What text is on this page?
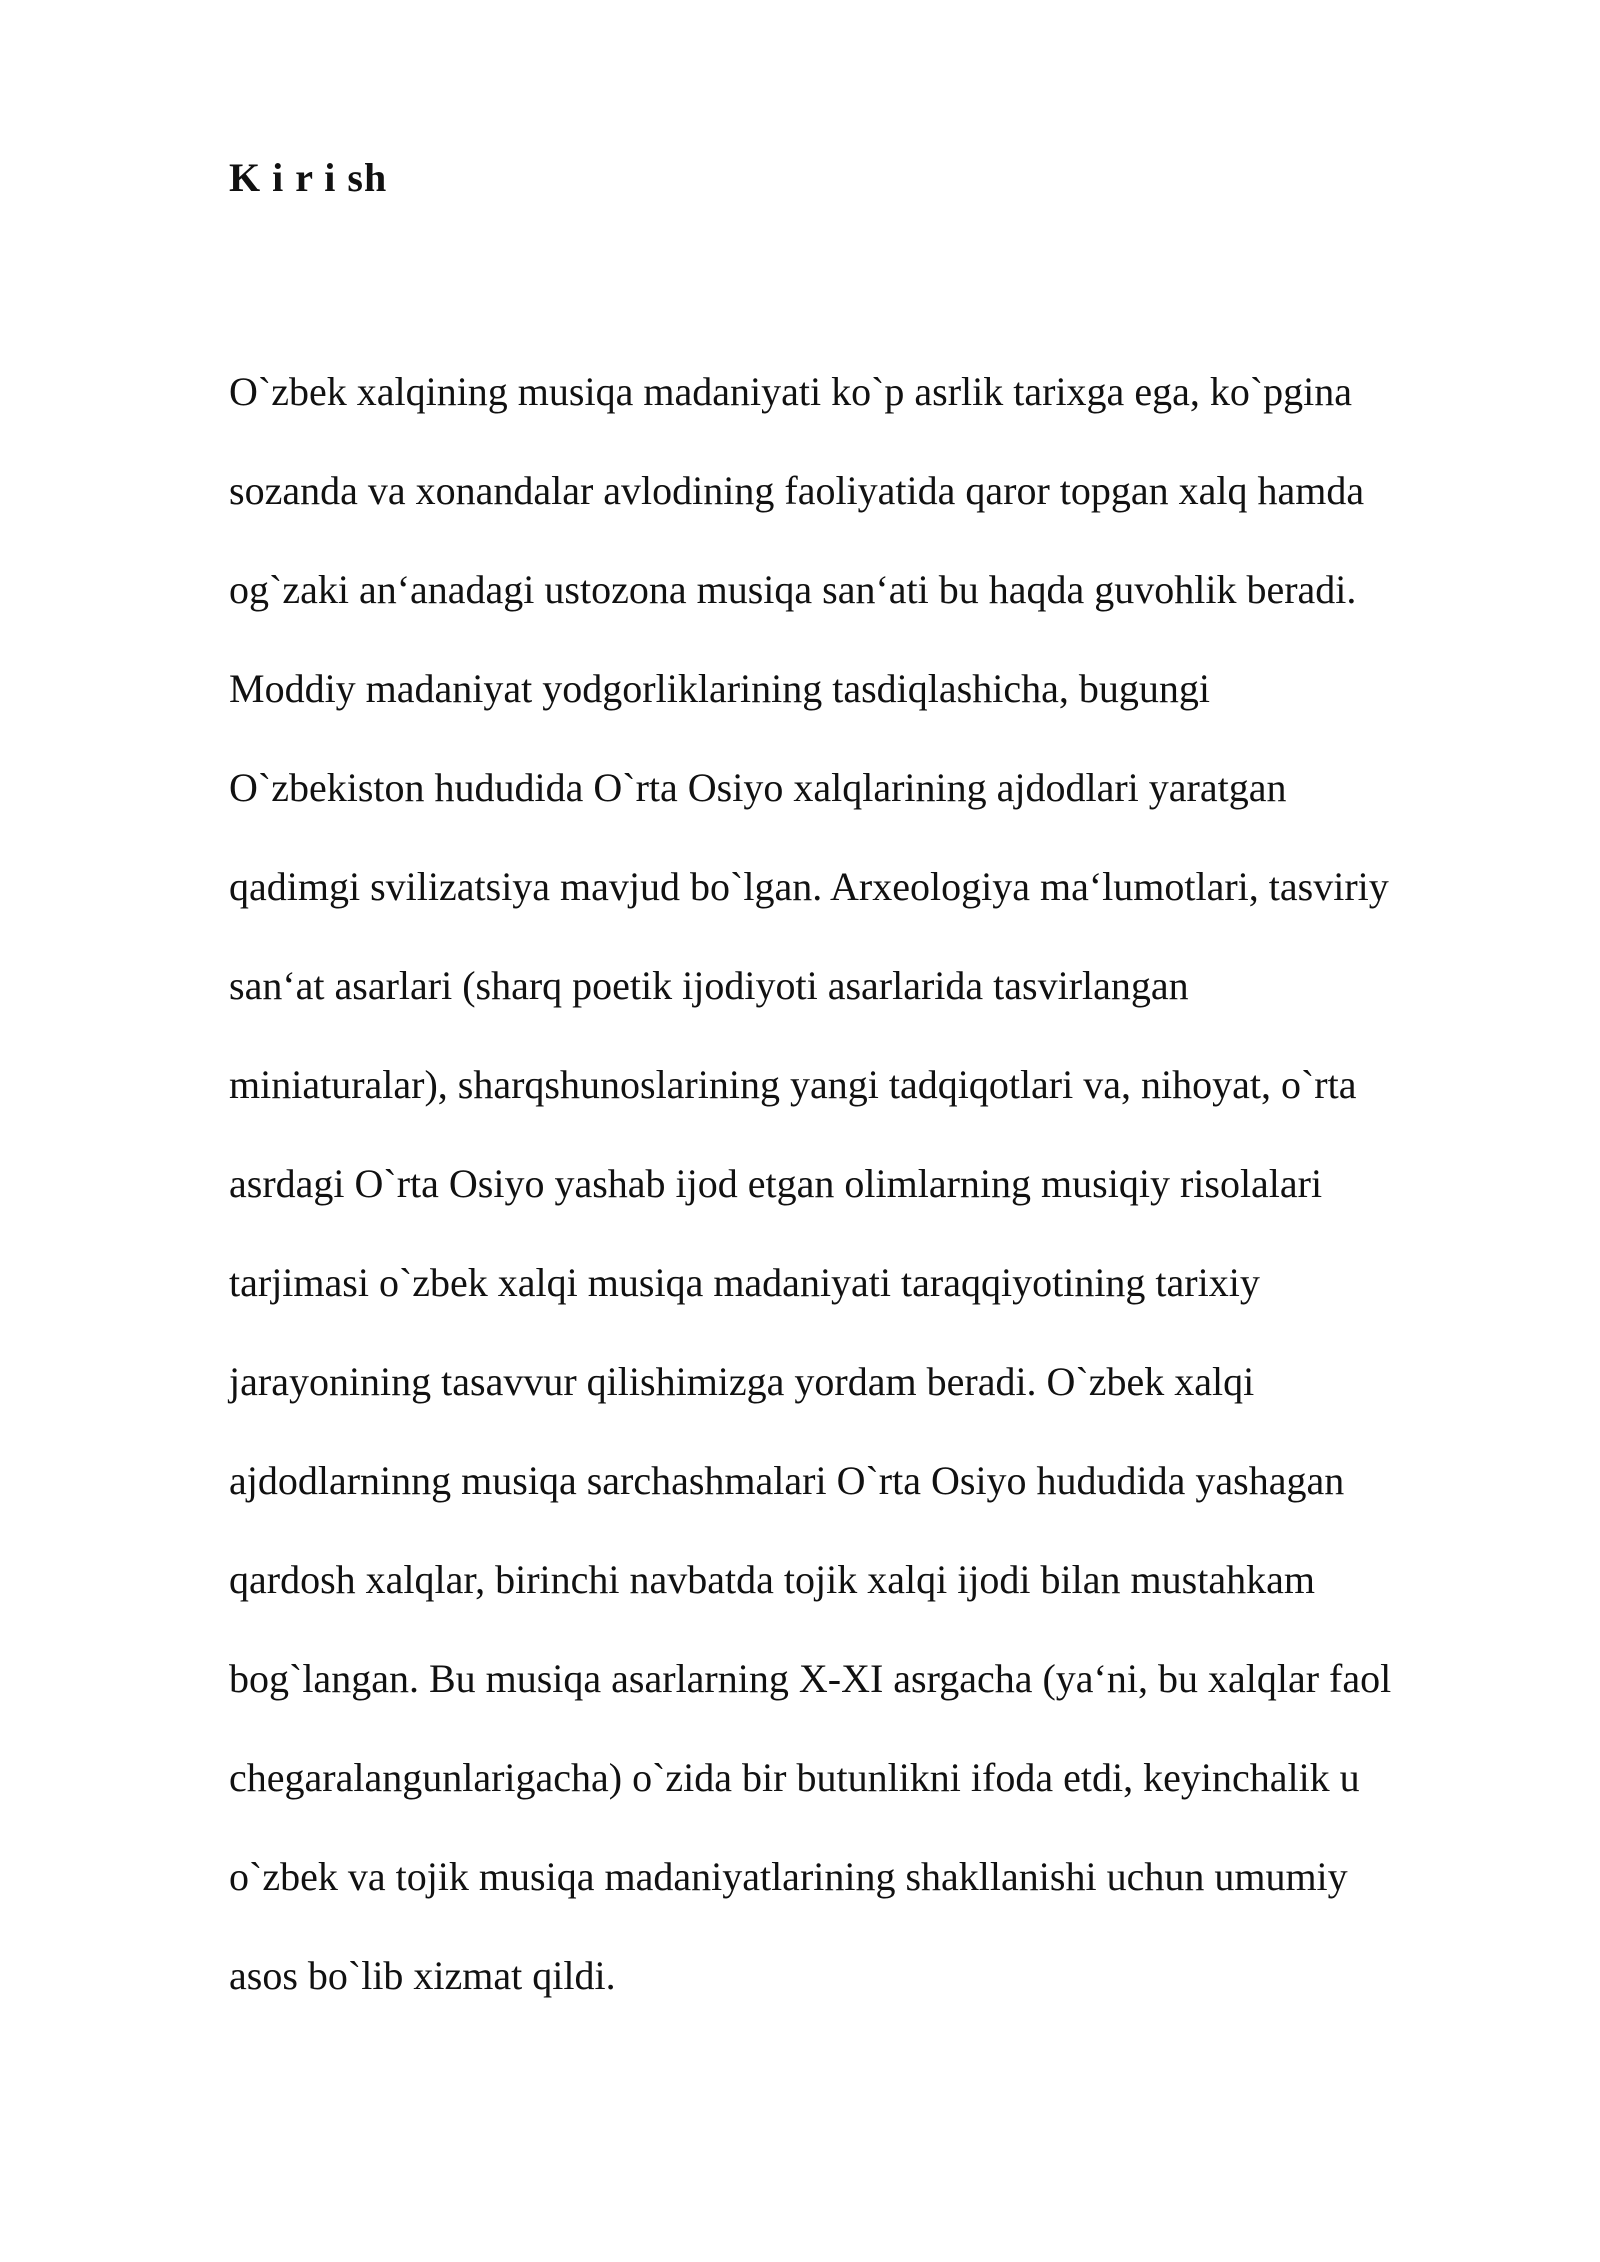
K i r i sh
O`zbek xalqining musiqa madaniyati ko`p asrlik tarixga ega, ko`pgina
sozanda va xonandalar avlodining faoliyatida qaror topgan xalq hamda
og`zaki an‘anadagi ustozona musiqa san‘ati bu haqda guvohlik beradi.
Moddiy madaniyat yodgorliklarining tasdiqlashicha, bugungi
O`zbekiston hududida O`rta Osiyo xalqlarining ajdodlari yaratgan
qadimgi svilizatsiya mavjud bo`lgan. Arxeologiya ma‘lumotlari, tasviriy
san‘at asarlari (sharq poetik ijodiyoti asarlarida tasvirlangan
miniaturalar), sharqshunoslarining yangi tadqiqotlari va, nihoyat, o`rta
asrdagi O`rta Osiyo yashab ijod etgan olimlarning musiqiy risolalari
tarjimasi o`zbek xalqi musiqa madaniyati taraqqiyotining tarixiy
jarayonining tasavvur qilishimizga yordam beradi. O`zbek xalqi
ajdodlarninng musiqa sarchashmalari O`rta Osiyo hududida yashagan
qardosh xalqlar, birinchi navbatda tojik xalqi ijodi bilan mustahkam
bog`langan. Bu musiqa asarlarning X-XI asrgacha (ya‘ni, bu xalqlar faol
chegaralangunlarigacha) o`zida bir butunlikni ifoda etdi, keyinchalik u
o`zbek va tojik musiqa madaniyatlarining shakllanishi uchun umumiy
asos bo`lib xizmat qildi.
